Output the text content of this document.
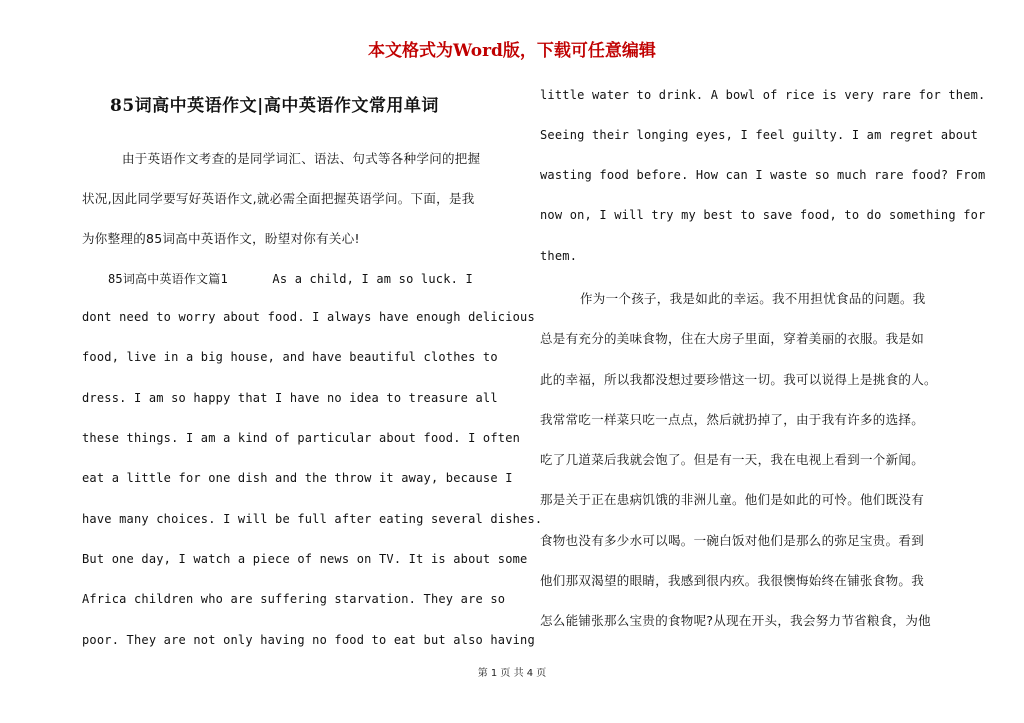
本文格式为Word版，下载可任意编辑
85词高中英语作文|高中英语作文常用单词
由于英语作文考查的是同学词汇、语法、句式等各种学问的把握
状况,因此同学要写好英语作文,就必需全面把握英语学问。下面，是我
为你整理的85词高中英语作文，盼望对你有关心!
85词高中英语作文篇1      As a child, I am so luck. I
dont need to worry about food. I always have enough delicious
food, live in a big house, and have beautiful clothes to
dress. I am so happy that I have no idea to treasure all
these things. I am a kind of particular about food. I often
eat a little for one dish and the throw it away, because I
have many choices. I will be full after eating several dishes.
But one day, I watch a piece of news on TV. It is about some
Africa children who are suffering starvation. They are so
poor. They are not only having no food to eat but also having
little water to drink. A bowl of rice is very rare for them.
Seeing their longing eyes, I feel guilty. I am regret about
wasting food before. How can I waste so much rare food? From
now on, I will try my best to save food, to do something for
them.
作为一个孩子，我是如此的幸运。我不用担忧食品的问题。我
总是有充分的美味食物，住在大房子里面，穿着美丽的衣服。我是如
此的幸福，所以我都没想过要珍惜这一切。我可以说得上是挑食的人。
我常常吃一样菜只吃一点点，然后就扔掉了，由于我有许多的选择。
吃了几道菜后我就会饱了。但是有一天，我在电视上看到一个新闻。
那是关于正在患病饥饿的非洲儿童。他们是如此的可怜。他们既没有
食物也没有多少水可以喝。一碗白饭对他们是那么的弥足宝贵。看到
他们那双渴望的眼睛，我感到很内疚。我很懊悔始终在铺张食物。我
怎么能铺张那么宝贵的食物呢?从现在开头，我会努力节省粮食，为他
第 1 页 共 4 页
